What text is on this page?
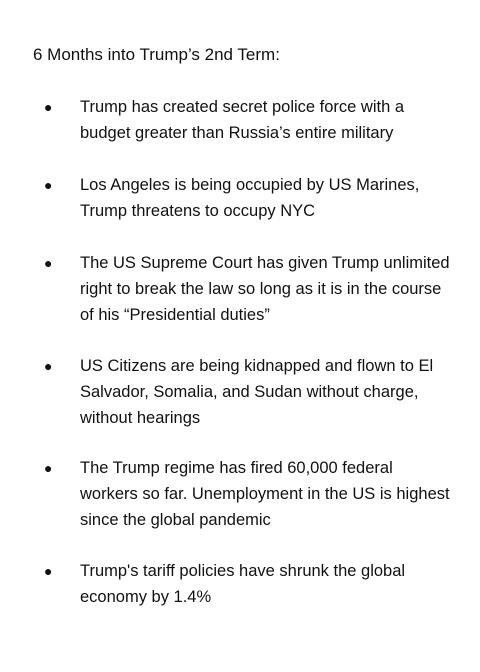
6 Months into Trump’s 2nd Term:
● Trump has created secret police force with a budget greater than Russia’s entire military
● Los Angeles is being occupied by US Marines, Trump threatens to occupy NYC
● The US Supreme Court has given Trump unlimited right to break the law so long as it is in the course of his “Presidential duties”
● US Citizens are being kidnapped and flown to El Salvador, Somalia, and Sudan without charge, without hearings
● The Trump regime has fired 60,000 federal workers so far. Unemployment in the US is highest since the global pandemic
● Trump's tariff policies have shrunk the global economy by 1.4%
